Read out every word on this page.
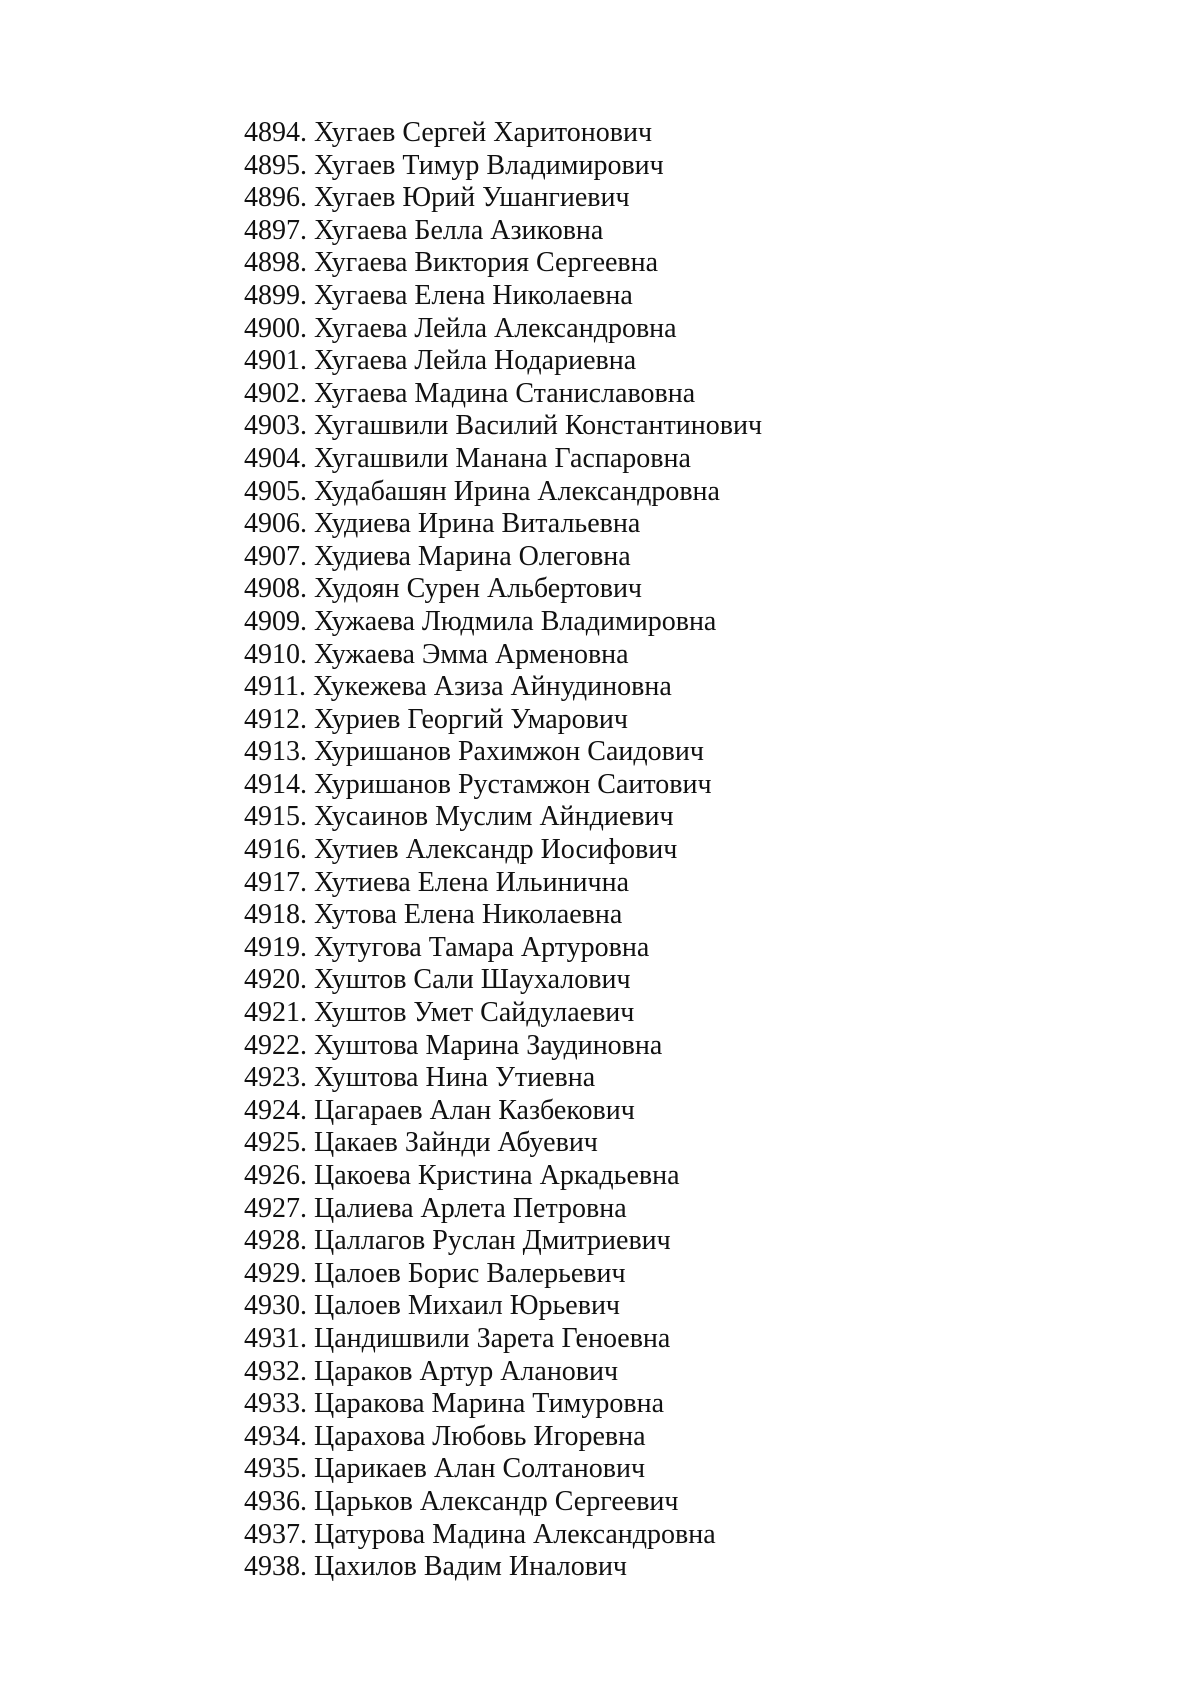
4894. Хугаев Сергей Харитонович
4895. Хугаев Тимур Владимирович
4896. Хугаев Юрий Ушангиевич
4897. Хугаева Белла Азиковна
4898. Хугаева Виктория Сергеевна
4899. Хугаева Елена Николаевна
4900. Хугаева Лейла Александровна
4901. Хугаева Лейла Нодариевна
4902. Хугаева Мадина Станиславовна
4903. Хугашвили Василий Константинович
4904. Хугашвили Манана Гаспаровна
4905. Худабашян Ирина Александровна
4906. Худиева Ирина Витальевна
4907. Худиева Марина Олеговна
4908. Худоян Сурен Альбертович
4909. Хужаева Людмила Владимировна
4910. Хужаева Эмма Арменовна
4911. Хукежева Азиза Айнудиновна
4912. Хуриев Георгий Умарович
4913. Хуришанов Рахимжон Саидович
4914. Хуришанов Рустамжон Саитович
4915. Хусаинов Муслим Айндиевич
4916. Хутиев Александр Иосифович
4917. Хутиева Елена Ильинична
4918. Хутова Елена Николаевна
4919. Хутугова Тамара Артуровна
4920. Хуштов Сали Шаухалович
4921. Хуштов Умет Сайдулаевич
4922. Хуштова Марина Заудиновна
4923. Хуштова Нина Утиевна
4924. Цагараев Алан Казбекович
4925. Цакаев Зайнди Абуевич
4926. Цакоева Кристина Аркадьевна
4927. Цалиева Арлета Петровна
4928. Цаллагов Руслан Дмитриевич
4929. Цалоев Борис Валерьевич
4930. Цалоев Михаил Юрьевич
4931. Цандишвили Зарета Геноевна
4932. Цараков Артур Аланович
4933. Царакова Марина Тимуровна
4934. Царахова Любовь Игоревна
4935. Царикаев Алан Солтанович
4936. Царьков Александр Сергеевич
4937. Цатурова Мадина Александровна
4938. Цахилов Вадим Иналович
